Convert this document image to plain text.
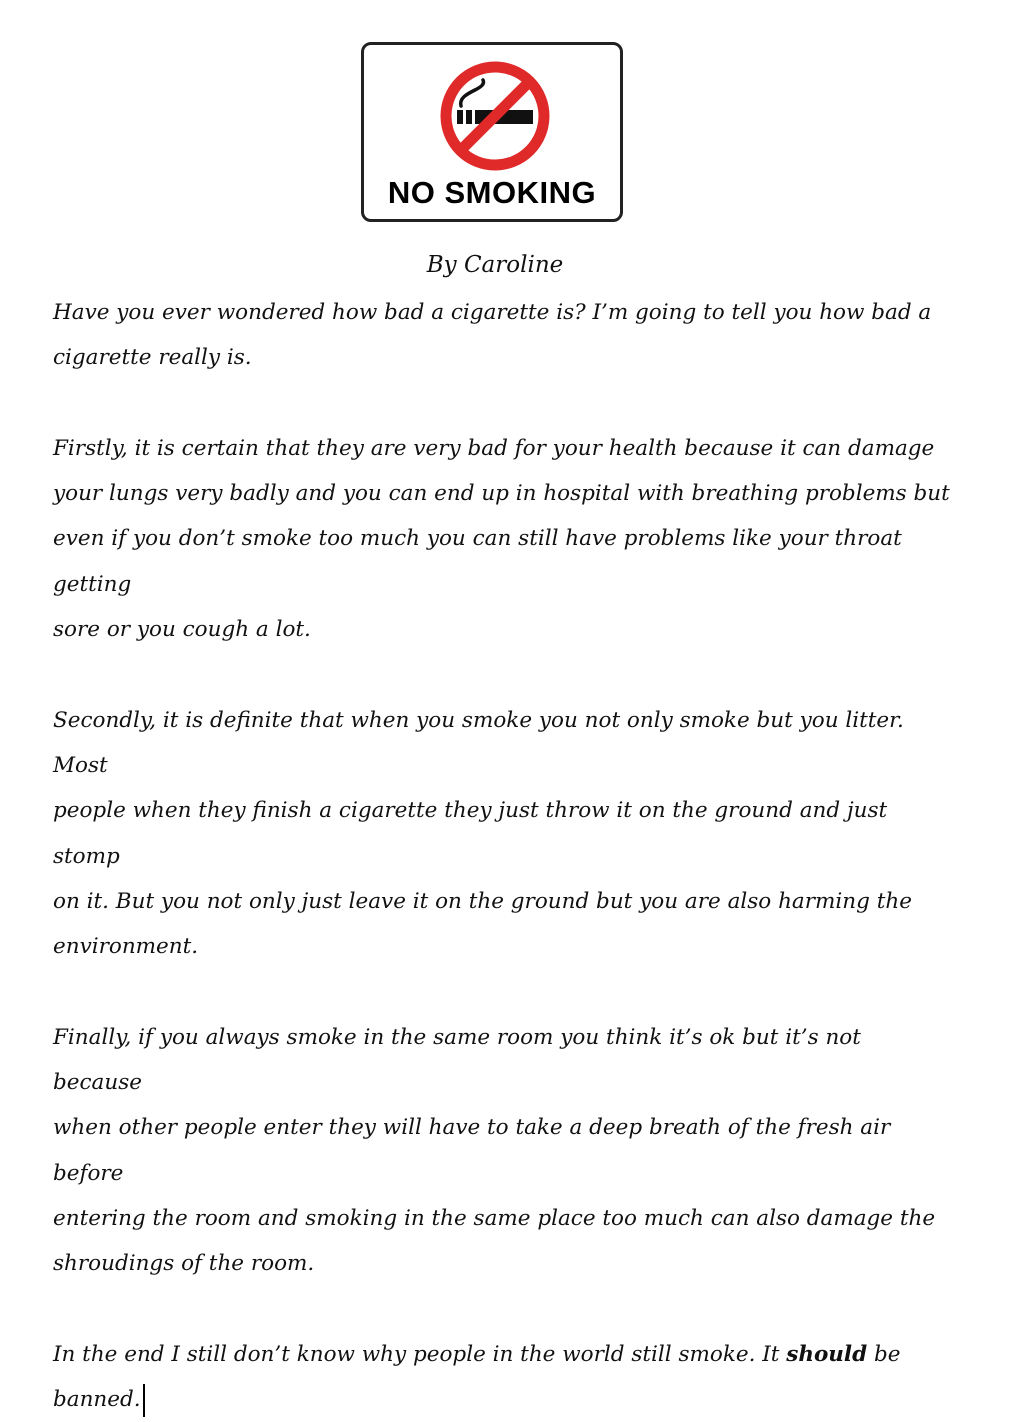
NO SMOKING
By Caroline

Have you ever wondered how bad a cigarette is? I’m going to tell you how bad a
cigarette really is.

Firstly, it is certain that they are very bad for your health because it can damage
your lungs very badly and you can end up in hospital with breathing problems but
even if you don’t smoke too much you can still have problems like your throat getting
sore or you cough a lot.

Secondly, it is definite that when you smoke you not only smoke but you litter. Most
people when they finish a cigarette they just throw it on the ground and just stomp
on it. But you not only just leave it on the ground but you are also harming the
environment.

Finally, if you always smoke in the same room you think it’s ok but it’s not because
when other people enter they will have to take a deep breath of the fresh air before
entering the room and smoking in the same place too much can also damage the
shroudings of the room.

In the end I still don’t know why people in the world still smoke. It should be
banned.
